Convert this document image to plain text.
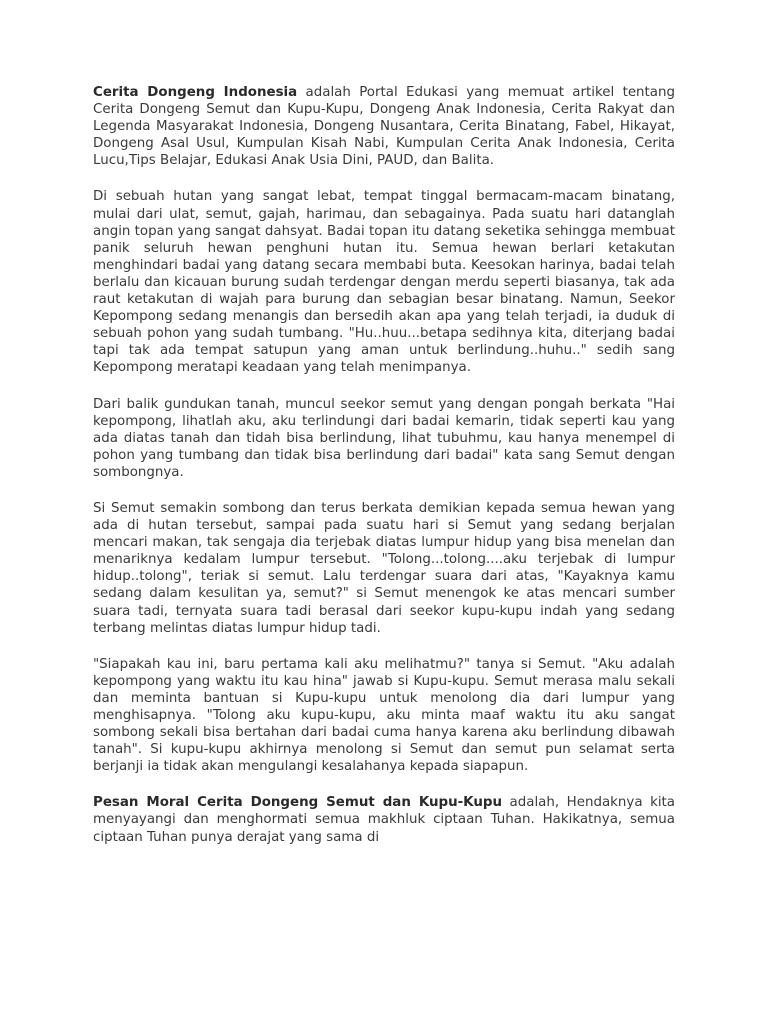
Cerita Dongeng Indonesia adalah Portal Edukasi yang memuat artikel tentang Cerita Dongeng Semut dan Kupu-Kupu, Dongeng Anak Indonesia, Cerita Rakyat dan Legenda Masyarakat Indonesia, Dongeng Nusantara, Cerita Binatang, Fabel, Hikayat, Dongeng Asal Usul, Kumpulan Kisah Nabi, Kumpulan Cerita Anak Indonesia, Cerita Lucu,Tips Belajar, Edukasi Anak Usia Dini, PAUD, dan Balita.

Di sebuah hutan yang sangat lebat, tempat tinggal bermacam-macam binatang, mulai dari ulat, semut, gajah, harimau, dan sebagainya. Pada suatu hari datanglah angin topan yang sangat dahsyat. Badai topan itu datang seketika sehingga membuat panik seluruh hewan penghuni hutan itu. Semua hewan berlari ketakutan menghindari badai yang datang secara membabi buta. Keesokan harinya, badai telah berlalu dan kicauan burung sudah terdengar dengan merdu seperti biasanya, tak ada raut ketakutan di wajah para burung dan sebagian besar binatang. Namun, Seekor Kepompong sedang menangis dan bersedih akan apa yang telah terjadi, ia duduk di sebuah pohon yang sudah tumbang. "Hu..huu...betapa sedihnya kita, diterjang badai tapi tak ada tempat satupun yang aman untuk berlindung..huhu.." sedih sang Kepompong meratapi keadaan yang telah menimpanya.

Dari balik gundukan tanah, muncul seekor semut yang dengan pongah berkata "Hai kepompong, lihatlah aku, aku terlindungi dari badai kemarin, tidak seperti kau yang ada diatas tanah dan tidah bisa berlindung, lihat tubuhmu, kau hanya menempel di pohon yang tumbang dan tidak bisa berlindung dari badai" kata sang Semut dengan sombongnya.

Si Semut semakin sombong dan terus berkata demikian kepada semua hewan yang ada di hutan tersebut, sampai pada suatu hari si Semut yang sedang berjalan mencari makan, tak sengaja dia terjebak diatas lumpur hidup yang bisa menelan dan menariknya kedalam lumpur tersebut. "Tolong...tolong....aku terjebak di lumpur hidup..tolong", teriak si semut. Lalu terdengar suara dari atas, "Kayaknya kamu sedang dalam kesulitan ya, semut?" si Semut menengok ke atas mencari sumber suara tadi, ternyata suara tadi berasal dari seekor kupu-kupu indah yang sedang terbang melintas diatas lumpur hidup tadi.

"Siapakah kau ini, baru pertama kali aku melihatmu?" tanya si Semut. "Aku adalah kepompong yang waktu itu kau hina" jawab si Kupu-kupu. Semut merasa malu sekali dan meminta bantuan si Kupu-kupu untuk menolong dia dari lumpur yang menghisapnya. "Tolong aku kupu-kupu, aku minta maaf waktu itu aku sangat sombong sekali bisa bertahan dari badai cuma hanya karena aku berlindung dibawah tanah". Si kupu-kupu akhirnya menolong si Semut dan semut pun selamat serta berjanji ia tidak akan mengulangi kesalahanya kepada siapapun.

Pesan Moral Cerita Dongeng Semut dan Kupu-Kupu adalah, Hendaknya kita menyayangi dan menghormati semua makhluk ciptaan Tuhan. Hakikatnya, semua ciptaan Tuhan punya derajat yang sama di
